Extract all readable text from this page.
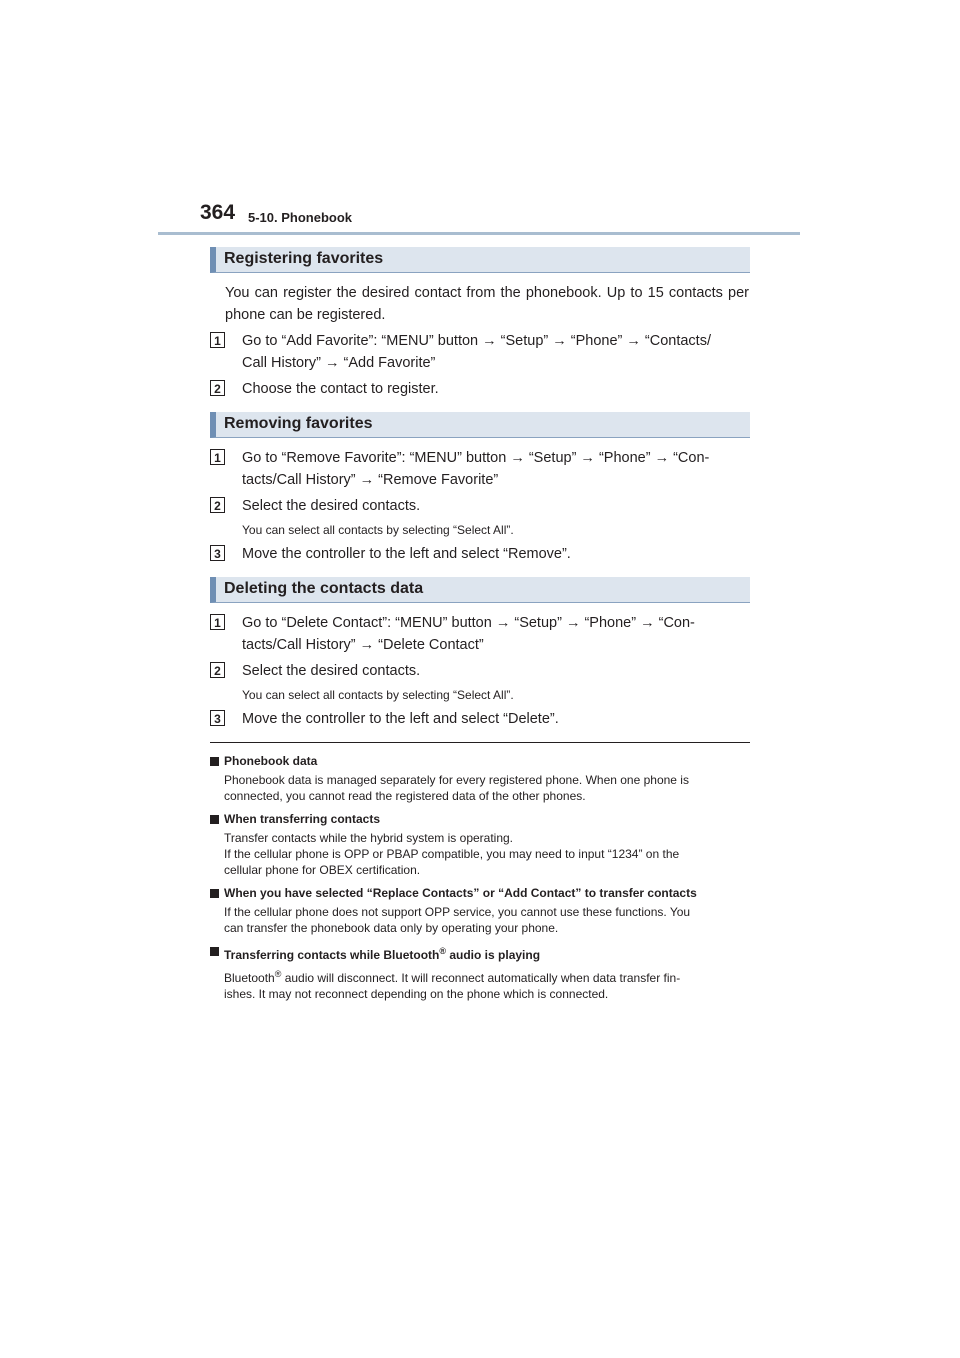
364 5-10. Phonebook
Registering favorites
You can register the desired contact from the phonebook. Up to 15 contacts per phone can be registered.
1 Go to “Add Favorite”: “MENU” button → “Setup” → “Phone” → “Contacts/
Call History” → “Add Favorite”
2 Choose the contact to register.
Removing favorites
1 Go to “Remove Favorite”: “MENU” button → “Setup” → “Phone” → “Con-
tacts/Call History” → “Remove Favorite”
2 Select the desired contacts.
You can select all contacts by selecting “Select All”.
3 Move the controller to the left and select “Remove”.
Deleting the contacts data
1 Go to “Delete Contact”: “MENU” button → “Setup” → “Phone” → “Con-
tacts/Call History” → “Delete Contact”
2 Select the desired contacts.
You can select all contacts by selecting “Select All”.
3 Move the controller to the left and select “Delete”.
Phonebook data
Phonebook data is managed separately for every registered phone. When one phone is
connected, you cannot read the registered data of the other phones.
When transferring contacts
Transfer contacts while the hybrid system is operating.
If the cellular phone is OPP or PBAP compatible, you may need to input “1234” on the
cellular phone for OBEX certification.
When you have selected “Replace Contacts” or “Add Contact” to transfer contacts
If the cellular phone does not support OPP service, you cannot use these functions. You
can transfer the phonebook data only by operating your phone.
Transferring contacts while Bluetooth® audio is playing
Bluetooth® audio will disconnect. It will reconnect automatically when data transfer fin-
ishes. It may not reconnect depending on the phone which is connected.
